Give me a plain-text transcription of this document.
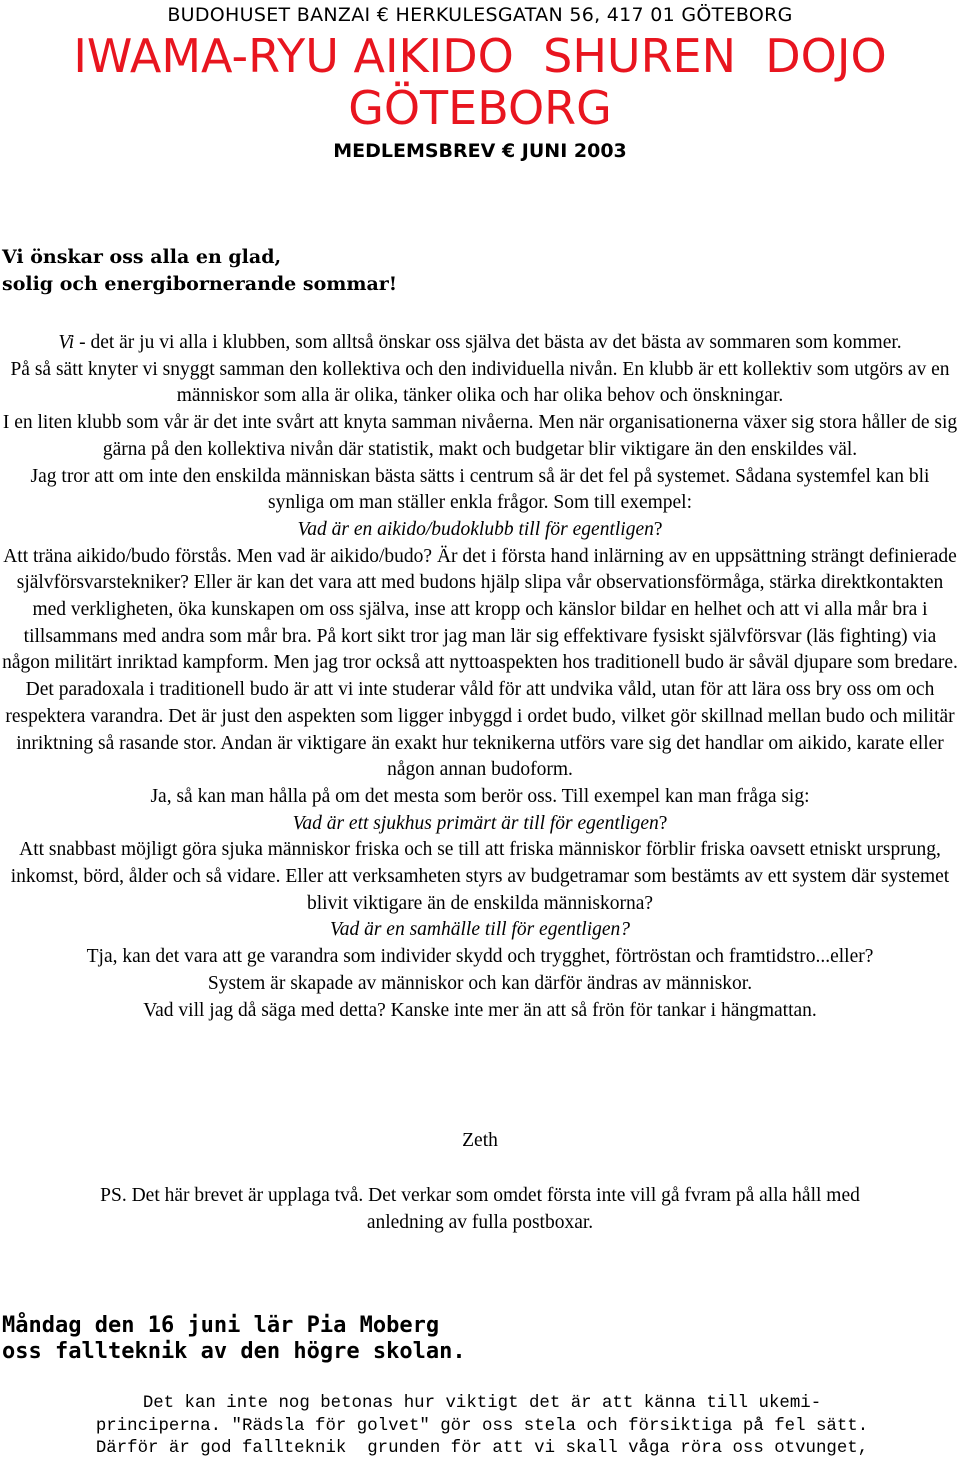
BUDOHUSET BANZAI € HERKULESGATAN 56, 417 01 GÖTEBORG
IWAMA-RYU AIKIDO  SHUREN  DOJO
GÖTEBORG
MEDLEMSBREV € JUNI 2003
Vi önskar oss alla en glad,
solig och energibornerande sommar!

Vi - det är ju vi alla i klubben, som alltså önskar oss själva det bästa av det bästa av sommaren som kommer.

På så sätt knyter vi snyggt samman den kollektiva och den individuella nivån. En klubb är ett kollektiv som utgörs av en människor som alla är olika, tänker olika och har olika behov och önskningar.

I en liten klubb som vår är det inte svårt att knyta samman nivåerna. Men när organisationerna växer sig stora håller de sig gärna på den kollektiva nivån där statistik, makt och budgetar blir viktigare än den enskildes väl.

Jag tror att om inte den enskilda människan bästa sätts i centrum så är det fel på systemet. Sådana systemfel kan bli synliga om man ställer enkla frågor. Som till exempel:

Vad är en aikido/budoklubb till för egentligen?

Att träna aikido/budo förstås. Men vad är aikido/budo? Är det i första hand inlärning av en uppsättning strängt definierade självförsvarstekniker? Eller är kan det vara att med budons hjälp slipa vår observationsförmåga, stärka direktkontakten med verkligheten, öka kunskapen om oss själva, inse att kropp och känslor bildar en helhet och att vi alla mår bra i tillsammans med andra som mår bra. På kort sikt tror jag man lär sig effektivare fysiskt självförsvar (läs fighting) via någon militärt inriktad kampform. Men jag tror också att nyttoaspekten hos traditionell budo är såväl djupare som bredare. Det paradoxala i traditionell budo är att vi inte studerar våld för att undvika våld, utan för att lära oss bry oss om och respektera varandra. Det är just den aspekten som ligger inbyggd i ordet budo, vilket gör skillnad mellan budo och militär inriktning så rasande stor. Andan är viktigare än exakt hur teknikerna utförs vare sig det handlar om aikido, karate eller någon annan budoform.

Ja, så kan man hålla på om det mesta som berör oss. Till exempel kan man fråga sig:

Vad är ett sjukhus primärt är till för egentligen?

Att snabbast möjligt göra sjuka människor friska och se till att friska människor förblir friska oavsett etniskt ursprung, inkomst, börd, ålder och så vidare. Eller att verksamheten styrs av budgetramar som bestämts av ett system där systemet blivit viktigare än de enskilda människorna?

Vad är en samhälle till för egentligen?

Tja, kan det vara att ge varandra som individer skydd och trygghet, förtröstan och framtidstro...eller?

System är skapade av människor och kan därför ändras av människor.

Vad vill jag då säga med detta? Kanske inte mer än att så frön för tankar i hängmattan.

Zeth

PS. Det här brevet är upplaga två. Det verkar som omdet första inte vill gå fvram på alla håll med

anledning av fulla postboxar.

Måndag den 16 juni lär Pia Moberg
oss fallteknik av den högre skolan.

Det kan inte nog betonas hur viktigt det är att känna till ukemi-

principerna. "Rädsla för golvet" gör oss stela och försiktiga på fel sätt.

Därför är god fallteknik  grunden för att vi skall våga röra oss otvunget,
